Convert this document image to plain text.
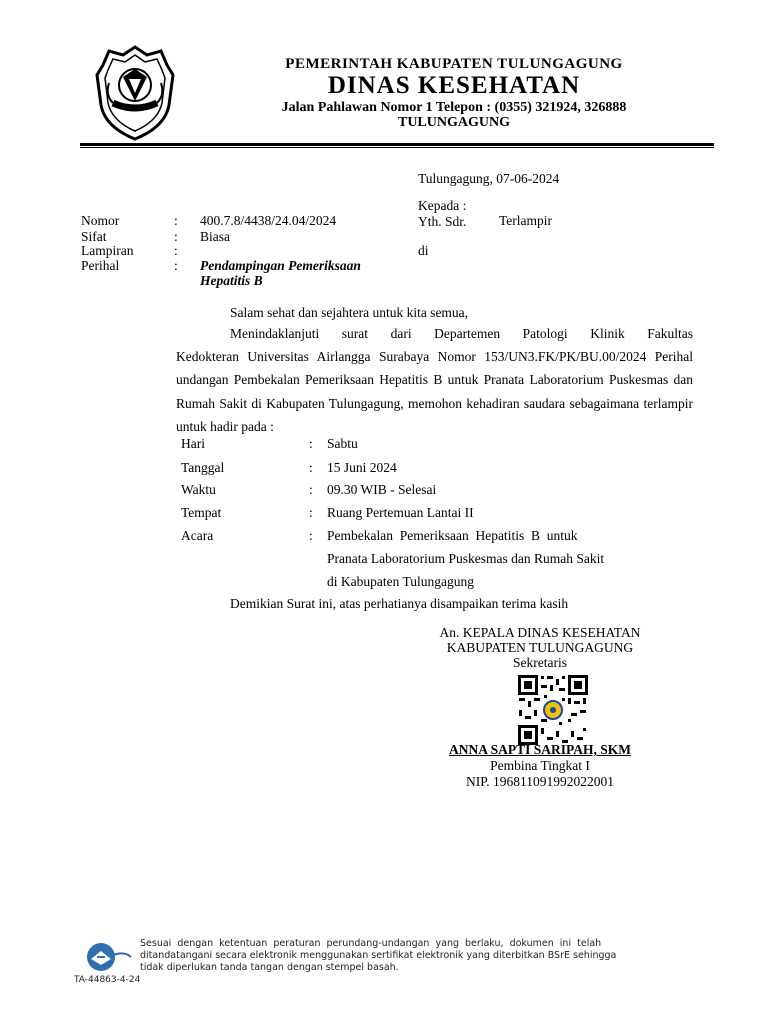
PEMERINTAH KABUPATEN TULUNGAGUNG
DINAS KESEHATAN
Jalan Pahlawan Nomor 1 Telepon : (0355) 321924, 326888
TULUNGAGUNG
Tulungagung, 07-06-2024
Kepada :
Yth. Sdr. Terlampir
di
Nomor	: 400.7.8/4438/24.04/2024
Sifat	: Biasa
Lampiran	:
Perihal	: Pendampingan Pemeriksaan
Hepatitis B
Salam sehat dan sejahtera untuk kita semua,
Menindaklanjuti surat dari Departemen Patologi Klinik Fakultas
Kedokteran Universitas Airlangga Surabaya Nomor 153/UN3.FK/PK/BU.00/2024 Perihal undangan Pembekalan Pemeriksaan Hepatitis B untuk Pranata Laboratorium Puskesmas dan Rumah Sakit di Kabupaten Tulungagung, memohon kehadiran saudara sebagaimana terlampir untuk hadir pada :
Hari	: Sabtu
Tanggal	: 15 Juni 2024
Waktu	: 09.30 WIB - Selesai
Tempat	: Ruang Pertemuan Lantai II
Acara	: Pembekalan  Pemeriksaan  Hepatitis  B  untuk
Pranata Laboratorium Puskesmas dan Rumah Sakit
di Kabupaten Tulungagung
Demikian Surat ini, atas perhatianya disampaikan terima kasih
An. KEPALA DINAS KESEHATAN
KABUPATEN TULUNGAGUNG
Sekretaris
ANNA SAPTI SARIPAH, SKM
Pembina Tingkat I
NIP. 196811091992022001
Sesuai  dengan  ketentuan  peraturan  perundang-undangan  yang  berlaku,  dokumen  ini  telah
ditandatangani secara elektronik menggunakan sertifikat elektronik yang diterbitkan BSrE sehingga
tidak diperlukan tanda tangan dengan stempel basah.
TA-44863-4-24
